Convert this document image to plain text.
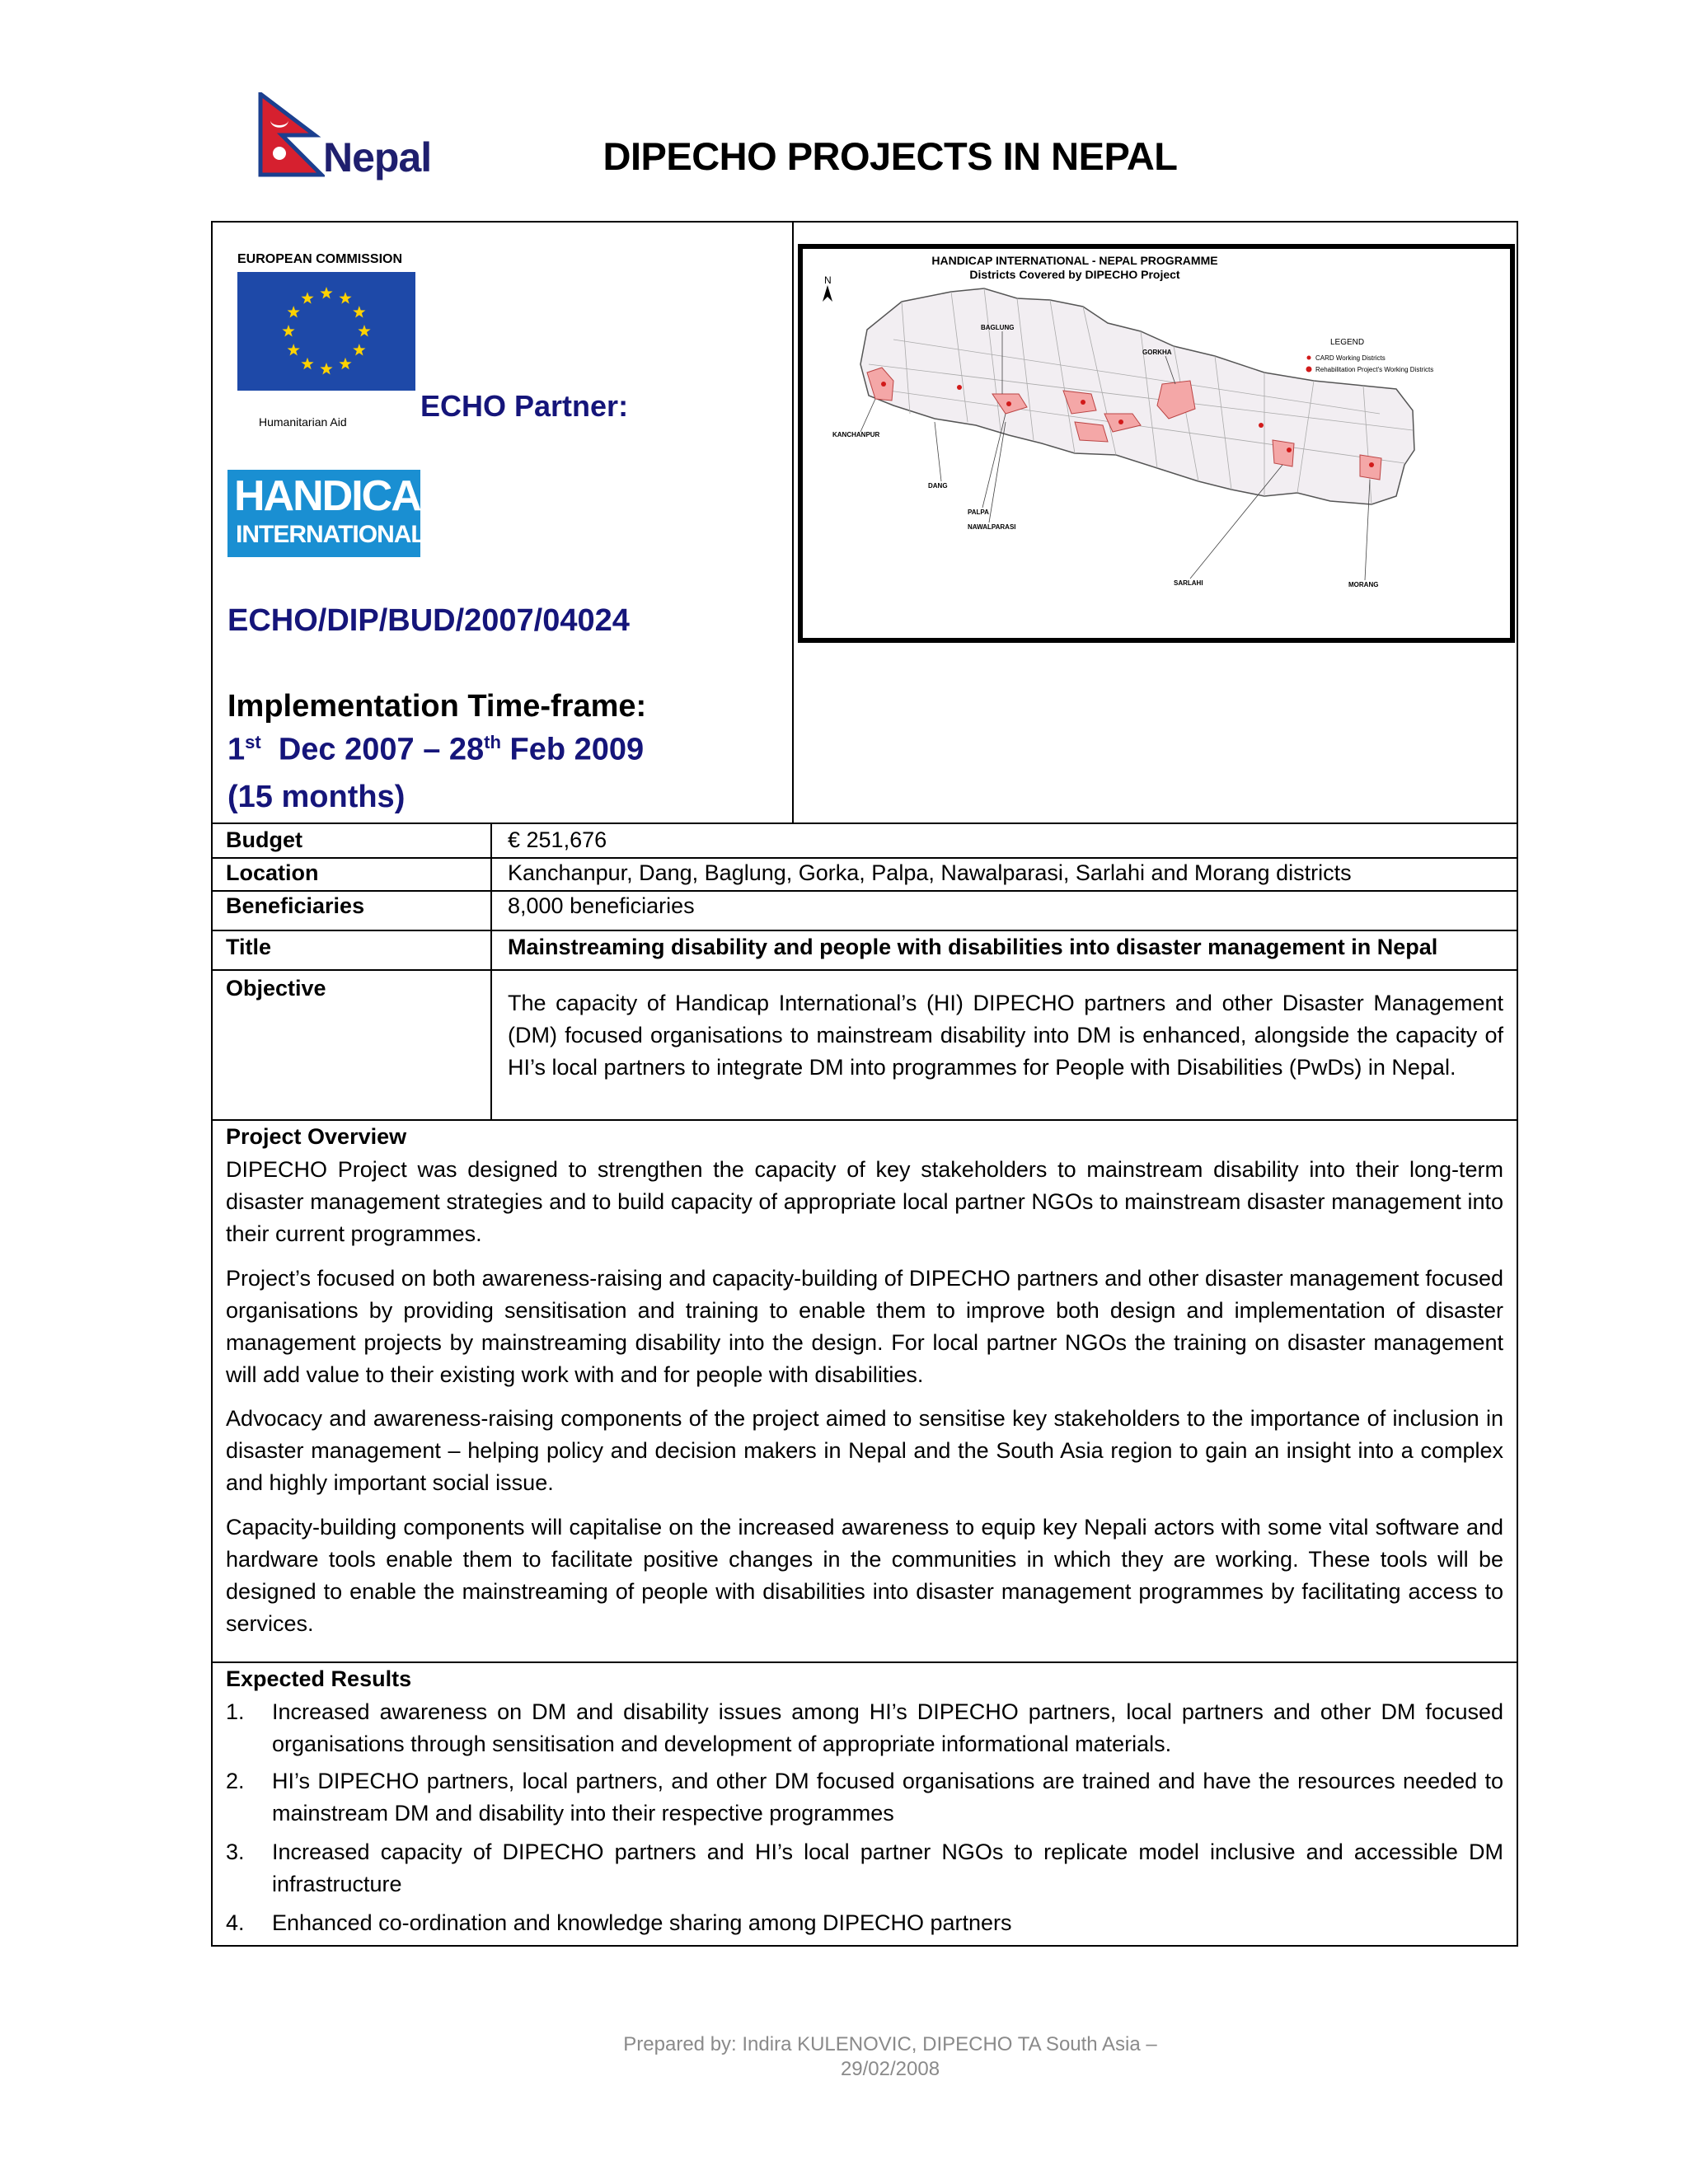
Nepal	DIPECHO PROJECTS IN NEPAL
EUROPEAN COMMISSION
Humanitarian Aid ECHO Partner:
HANDICAP
INTERNATIONAL
ECHO/DIP/BUD/2007/04024
Implementation Time-frame:
1st Dec 2007 – 28th Feb 2009
(15 months)
HANDICAP INTERNATIONAL - NEPAL PROGRAMME
Districts Covered by DIPECHO Project
N
KANCHANPUR
DANG
BAGLUNG
GORKHA
PALPA
NAWALPARASI
SARLAHI	MORANG
LEGEND
CARD Working Districts
Rehabilitation Project's Working Districts
Budget	€ 251,676
Location	Kanchanpur, Dang, Baglung, Gorka, Palpa, Nawalparasi, Sarlahi and Morang districts
Beneficiaries	8,000 beneficiaries
Title	Mainstreaming disability and people with disabilities into disaster management in Nepal
Objective
The capacity of Handicap International’s (HI) DIPECHO partners and other Disaster Management (DM) focused organisations to mainstream disability into DM is enhanced, alongside the capacity of HI’s local partners to integrate DM into programmes for People with Disabilities (PwDs) in Nepal.
Project Overview
DIPECHO Project was designed to strengthen the capacity of key stakeholders to mainstream disability into their long-term disaster management strategies and to build capacity of appropriate local partner NGOs to mainstream disaster management into their current programmes.
Project’s focused on both awareness-raising and capacity-building of DIPECHO partners and other disaster management focused organisations by providing sensitisation and training to enable them to improve both design and implementation of disaster management projects by mainstreaming disability into the design. For local partner NGOs the training on disaster management will add value to their existing work with and for people with disabilities.
Advocacy and awareness-raising components of the project aimed to sensitise key stakeholders to the importance of inclusion in disaster management – helping policy and decision makers in Nepal and the South Asia region to gain an insight into a complex and highly important social issue.
Capacity-building components will capitalise on the increased awareness to equip key Nepali actors with some vital software and hardware tools enable them to facilitate positive changes in the communities in which they are working. These tools will be designed to enable the mainstreaming of people with disabilities into disaster management programmes by facilitating access to services.
Expected Results
1. Increased awareness on DM and disability issues among HI’s DIPECHO partners, local partners and other DM focused organisations through sensitisation and development of appropriate informational materials.
2. HI’s DIPECHO partners, local partners, and other DM focused organisations are trained and have the resources needed to mainstream DM and disability into their respective programmes
3. Increased capacity of DIPECHO partners and HI’s local partner NGOs to replicate model inclusive and accessible DM infrastructure
4. Enhanced co-ordination and knowledge sharing among DIPECHO partners
Prepared by: Indira KULENOVIC, DIPECHO TA South Asia –
29/02/2008
